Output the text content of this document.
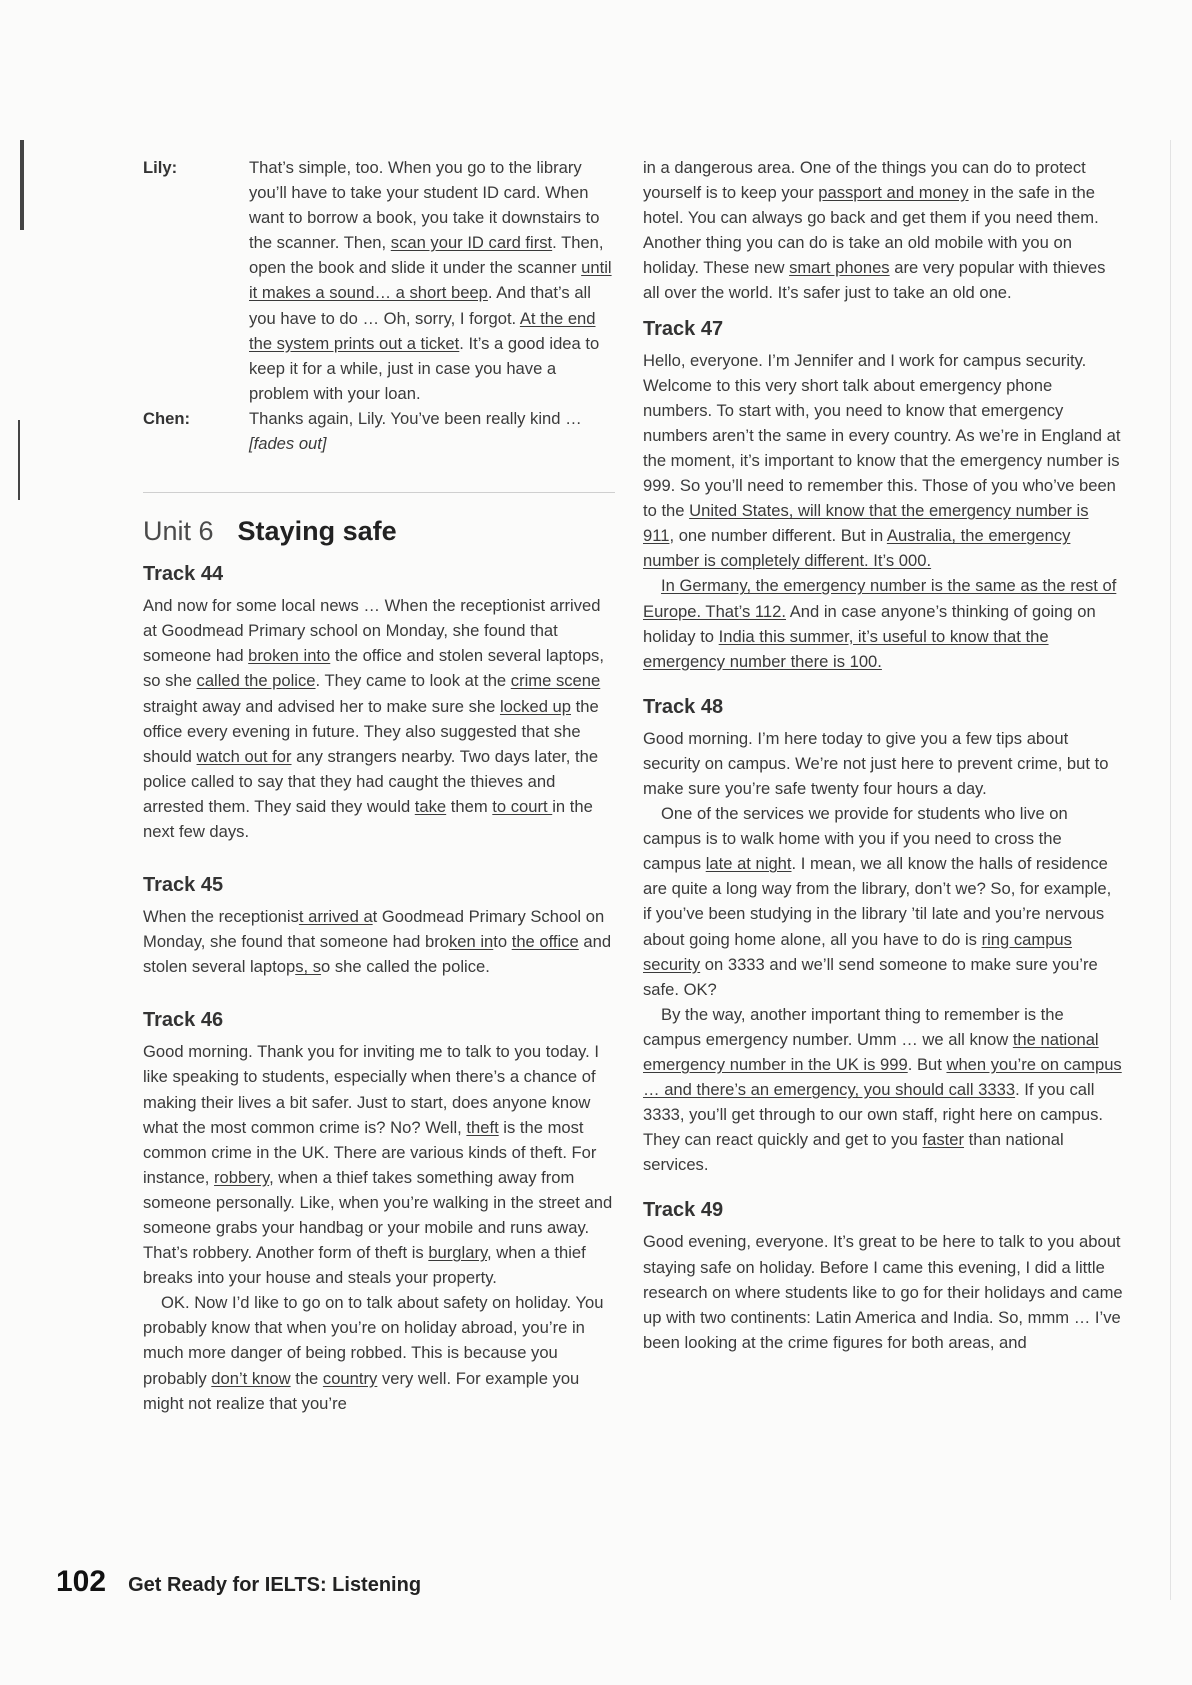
Lily:	That’s simple, too. When you go to the library you’ll have to take your student ID card. When want to borrow a book, you take it downstairs to the scanner. Then, scan your ID card first. Then, open the book and slide it under the scanner until it makes a sound… a short beep. And that’s all you have to do … Oh, sorry, I forgot. At the end the system prints out a ticket. It’s a good idea to keep it for a while, just in case you have a problem with your loan.
Chen:	Thanks again, Lily. You’ve been really kind … [fades out]
Unit 6 Staying safe
Track 44

And now for some local news … When the receptionist arrived at Goodmead Primary school on Monday, she found that someone had broken into the office and stolen several laptops, so she called the police. They came to look at the crime scene straight away and advised her to make sure she locked up the office every evening in future. They also suggested that she should watch out for any strangers nearby. Two days later, the police called to say that they had caught the thieves and arrested them. They said they would take them to court in the next few days.

Track 45

When the receptionist arrived at Goodmead Primary School on Monday, she found that someone had broken into the office and stolen several laptops, so she called the police.

Track 46

Good morning. Thank you for inviting me to talk to you today. I like speaking to students, especially when there’s a chance of making their lives a bit safer. Just to start, does anyone know what the most common crime is? No? Well, theft is the most common crime in the UK. There are various kinds of theft. For instance, robbery, when a thief takes something away from someone personally. Like, when you’re walking in the street and someone grabs your handbag or your mobile and runs away. That’s robbery. Another form of theft is burglary, when a thief breaks into your house and steals your property.

OK. Now I’d like to go on to talk about safety on holiday. You probably know that when you’re on holiday abroad, you’re in much more danger of being robbed. This is because you probably don’t know the country very well. For example you might not realize that you’re

in a dangerous area. One of the things you can do to protect yourself is to keep your passport and money in the safe in the hotel. You can always go back and get them if you need them. Another thing you can do is take an old mobile with you on holiday. These new smart phones are very popular with thieves all over the world. It’s safer just to take an old one.

Track 47

Hello, everyone. I’m Jennifer and I work for campus security. Welcome to this very short talk about emergency phone numbers. To start with, you need to know that emergency numbers aren’t the same in every country. As we’re in England at the moment, it’s important to know that the emergency number is 999. So you’ll need to remember this. Those of you who’ve been to the United States, will know that the emergency number is 911, one number different. But in Australia, the emergency number is completely different. It’s 000.

In Germany, the emergency number is the same as the rest of Europe. That’s 112. And in case anyone’s thinking of going on holiday to India this summer, it’s useful to know that the emergency number there is 100.

Track 48

Good morning. I’m here today to give you a few tips about security on campus. We’re not just here to prevent crime, but to make sure you’re safe twenty four hours a day.

One of the services we provide for students who live on campus is to walk home with you if you need to cross the campus late at night. I mean, we all know the halls of residence are quite a long way from the library, don’t we? So, for example, if you’ve been studying in the library ’til late and you’re nervous about going home alone, all you have to do is ring campus security on 3333 and we’ll send someone to make sure you’re safe. OK?

By the way, another important thing to remember is the campus emergency number. Umm … we all know the national emergency number in the UK is 999. But when you’re on campus … and there’s an emergency, you should call 3333. If you call 3333, you’ll get through to our own staff, right here on campus. They can react quickly and get to you faster than national services.

Track 49

Good evening, everyone. It’s great to be here to talk to you about staying safe on holiday. Before I came this evening, I did a little research on where students like to go for their holidays and came up with two continents: Latin America and India. So, mmm … I’ve been looking at the crime figures for both areas, and

102 Get Ready for IELTS: Listening
